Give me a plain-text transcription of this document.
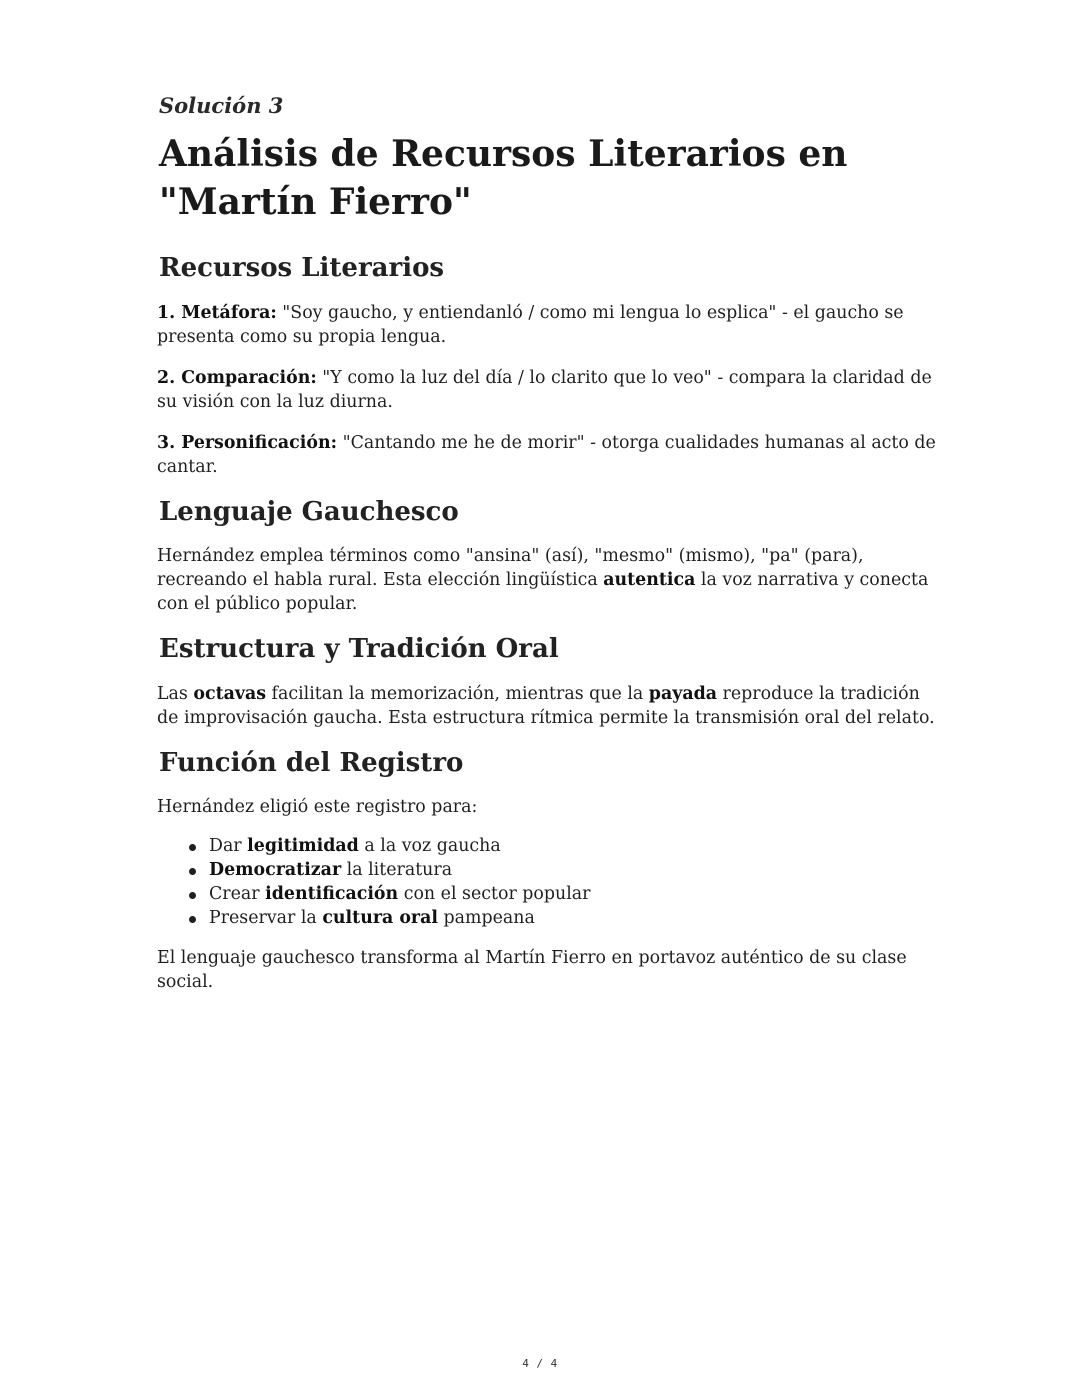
Solución 3
Análisis de Recursos Literarios en "Martín Fierro"
Recursos Literarios

1. Metáfora: "Soy gaucho, y entiendanló / como mi lengua lo esplica" - el gaucho se presenta como su propia lengua.

2. Comparación: "Y como la luz del día / lo clarito que lo veo" - compara la claridad de su visión con la luz diurna.

3. Personificación: "Cantando me he de morir" - otorga cualidades humanas al acto de cantar.

Lenguaje Gauchesco

Hernández emplea términos como "ansina" (así), "mesmo" (mismo), "pa" (para), recreando el habla rural. Esta elección lingüística autentica la voz narrativa y conecta con el público popular.

Estructura y Tradición Oral

Las octavas facilitan la memorización, mientras que la payada reproduce la tradición de improvisación gaucha. Esta estructura rítmica permite la transmisión oral del relato.

Función del Registro

Hernández eligió este registro para:

Dar legitimidad a la voz gaucha
Democratizar la literatura
Crear identificación con el sector popular
Preservar la cultura oral pampeana

El lenguaje gauchesco transforma al Martín Fierro en portavoz auténtico de su clase social.

4 / 4
